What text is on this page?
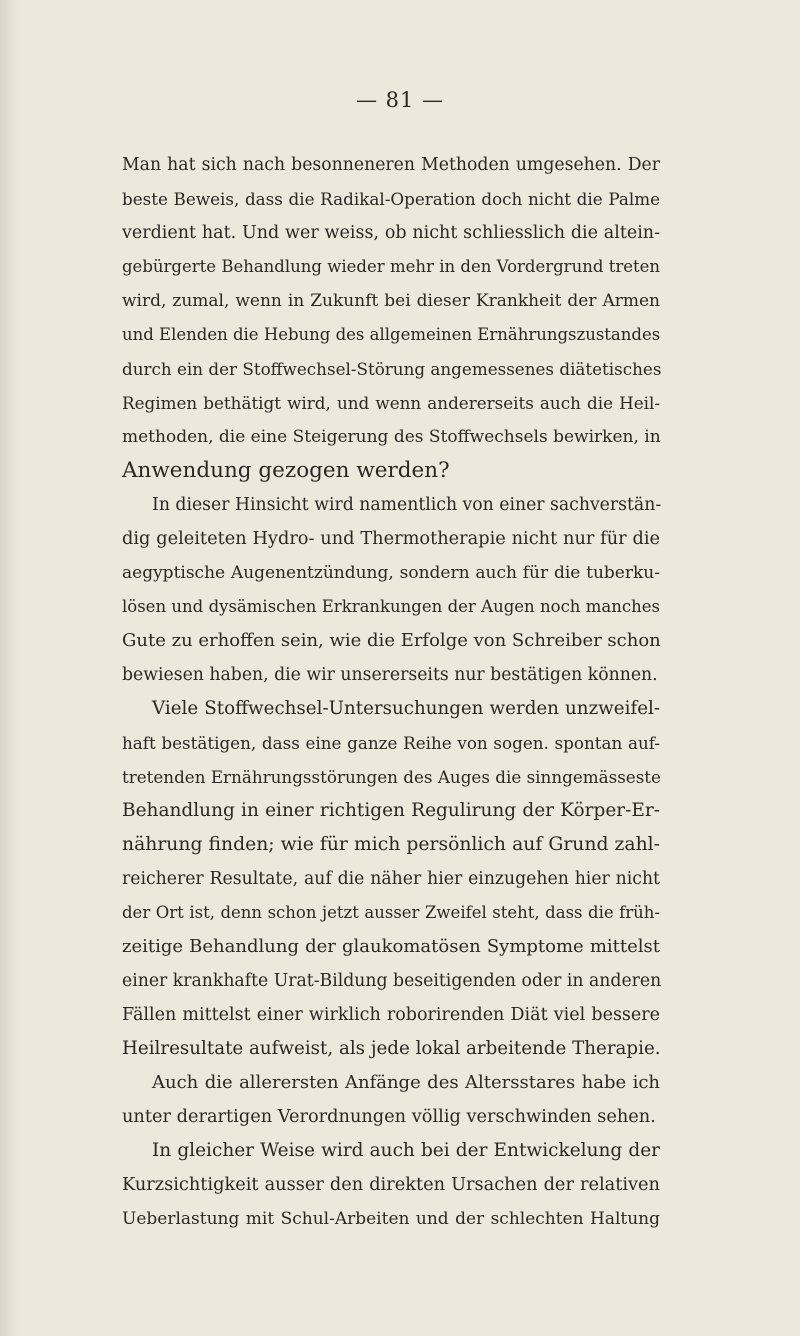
— 81 —
Man hat sich nach besonneneren Methoden umgesehen. Der
beste Beweis, dass die Radikal-Operation doch nicht die Palme
verdient hat. Und wer weiss, ob nicht schliesslich die altein-
gebürgerte Behandlung wieder mehr in den Vordergrund treten
wird, zumal, wenn in Zukunft bei dieser Krankheit der Armen
und Elenden die Hebung des allgemeinen Ernährungszustandes
durch ein der Stoffwechsel-Störung angemessenes diätetisches
Regimen bethätigt wird, und wenn andererseits auch die Heil-
methoden, die eine Steigerung des Stoffwechsels bewirken, in
Anwendung gezogen werden?
In dieser Hinsicht wird namentlich von einer sachverstän-
dig geleiteten Hydro- und Thermotherapie nicht nur für die
aegyptische Augenentzündung, sondern auch für die tuberku-
lösen und dysämischen Erkrankungen der Augen noch manches
Gute zu erhoffen sein, wie die Erfolge von Schreiber schon
bewiesen haben, die wir unsererseits nur bestätigen können.
Viele Stoffwechsel-Untersuchungen werden unzweifel-
haft bestätigen, dass eine ganze Reihe von sogen. spontan auf-
tretenden Ernährungsstörungen des Auges die sinngemässeste
Behandlung in einer richtigen Regulirung der Körper-Er-
nährung finden; wie für mich persönlich auf Grund zahl-
reicherer Resultate, auf die näher hier einzugehen hier nicht
der Ort ist, denn schon jetzt ausser Zweifel steht, dass die früh-
zeitige Behandlung der glaukomatösen Symptome mittelst
einer krankhafte Urat-Bildung beseitigenden oder in anderen
Fällen mittelst einer wirklich roborirenden Diät viel bessere
Heilresultate aufweist, als jede lokal arbeitende Therapie.
Auch die allerersten Anfänge des Altersstares habe ich
unter derartigen Verordnungen völlig verschwinden sehen.
In gleicher Weise wird auch bei der Entwickelung der
Kurzsichtigkeit ausser den direkten Ursachen der relativen
Ueberlastung mit Schul-Arbeiten und der schlechten Haltung
